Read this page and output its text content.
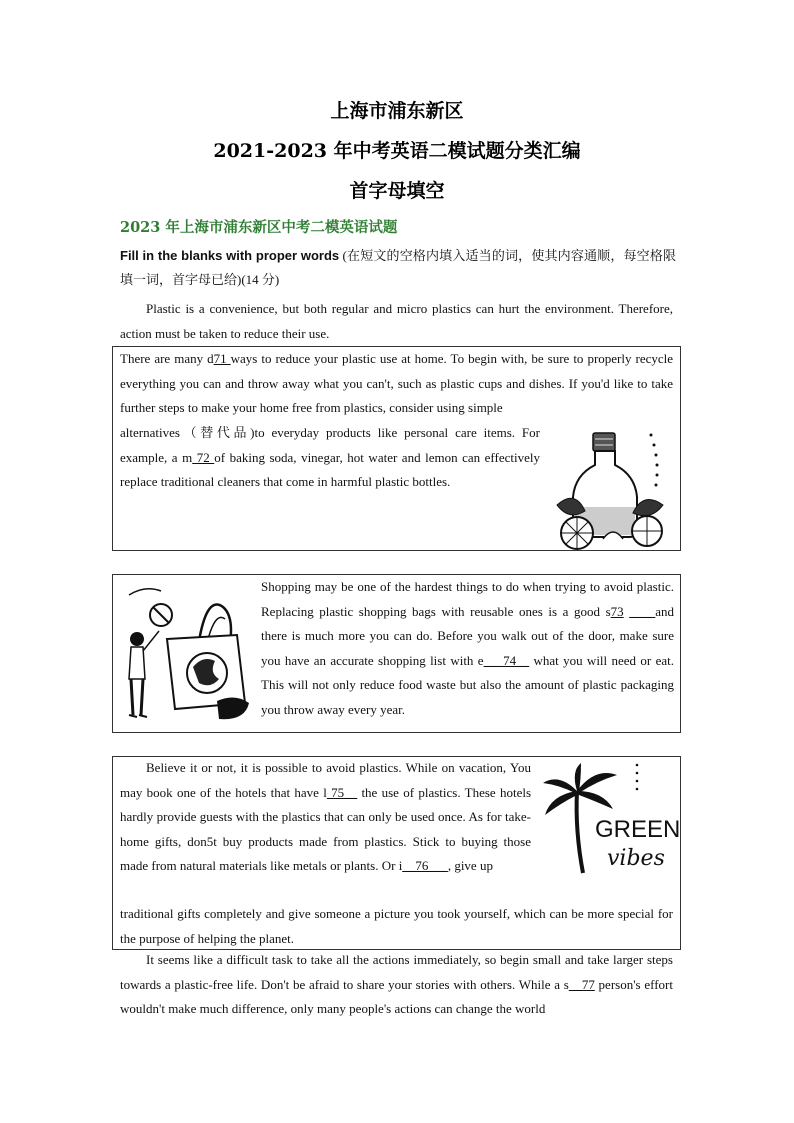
上海市浦东新区
2021-2023 年中考英语二模试题分类汇编
首字母填空
2023 年上海市浦东新区中考二模英语试题
Fill in the blanks with proper words (在短文的空格内填入适当的词，使其内容通顺，每空格限填一词，首字母已给)(14 分)
Plastic is a convenience, but both regular and micro plastics can hurt the environment. Therefore, action must be taken to reduce their use.
There are many d71 ways to reduce your plastic use at home. To begin with, be sure to properly recycle everything you can and throw away what you can't, such as plastic cups and dishes. If you'd like to take further steps to make your home free from plastics, consider using simple
alternatives（替代品)to everyday products like personal care items. For example, a m 72 of baking soda, vinegar, hot water and lemon can effectively replace traditional cleaners that come in harmful plastic bottles.
Shopping may be one of the hardest things to do when trying to avoid plastic. Replacing plastic shopping bags with reusable ones is a good s73 ____and there is much more you can do. Before you walk out of the door, make sure you have an accurate shopping list with e___74__ what you will need or eat. This will not only reduce food waste but also the amount of plastic packaging you throw away every year.
Believe it or not, it is possible to avoid plastics. While on vacation, You may book one of the hotels that have l 75__ the use of plastics. These hotels hardly provide guests with the plastics that can only be used once. As for take-home gifts, don5t buy products made from plastics. Stick to buying those made from natural materials like metals or plants. Or i__76___, give up
traditional gifts completely and give someone a picture you took yourself, which can be more special for the purpose of helping the planet.
GREEN
vibes
It seems like a difficult task to take all the actions immediately, so begin small and take larger steps towards a plastic-free life. Don't be afraid to share your stories with others. While a s__77 person's effort wouldn't make much difference, only many people's actions can change the world
